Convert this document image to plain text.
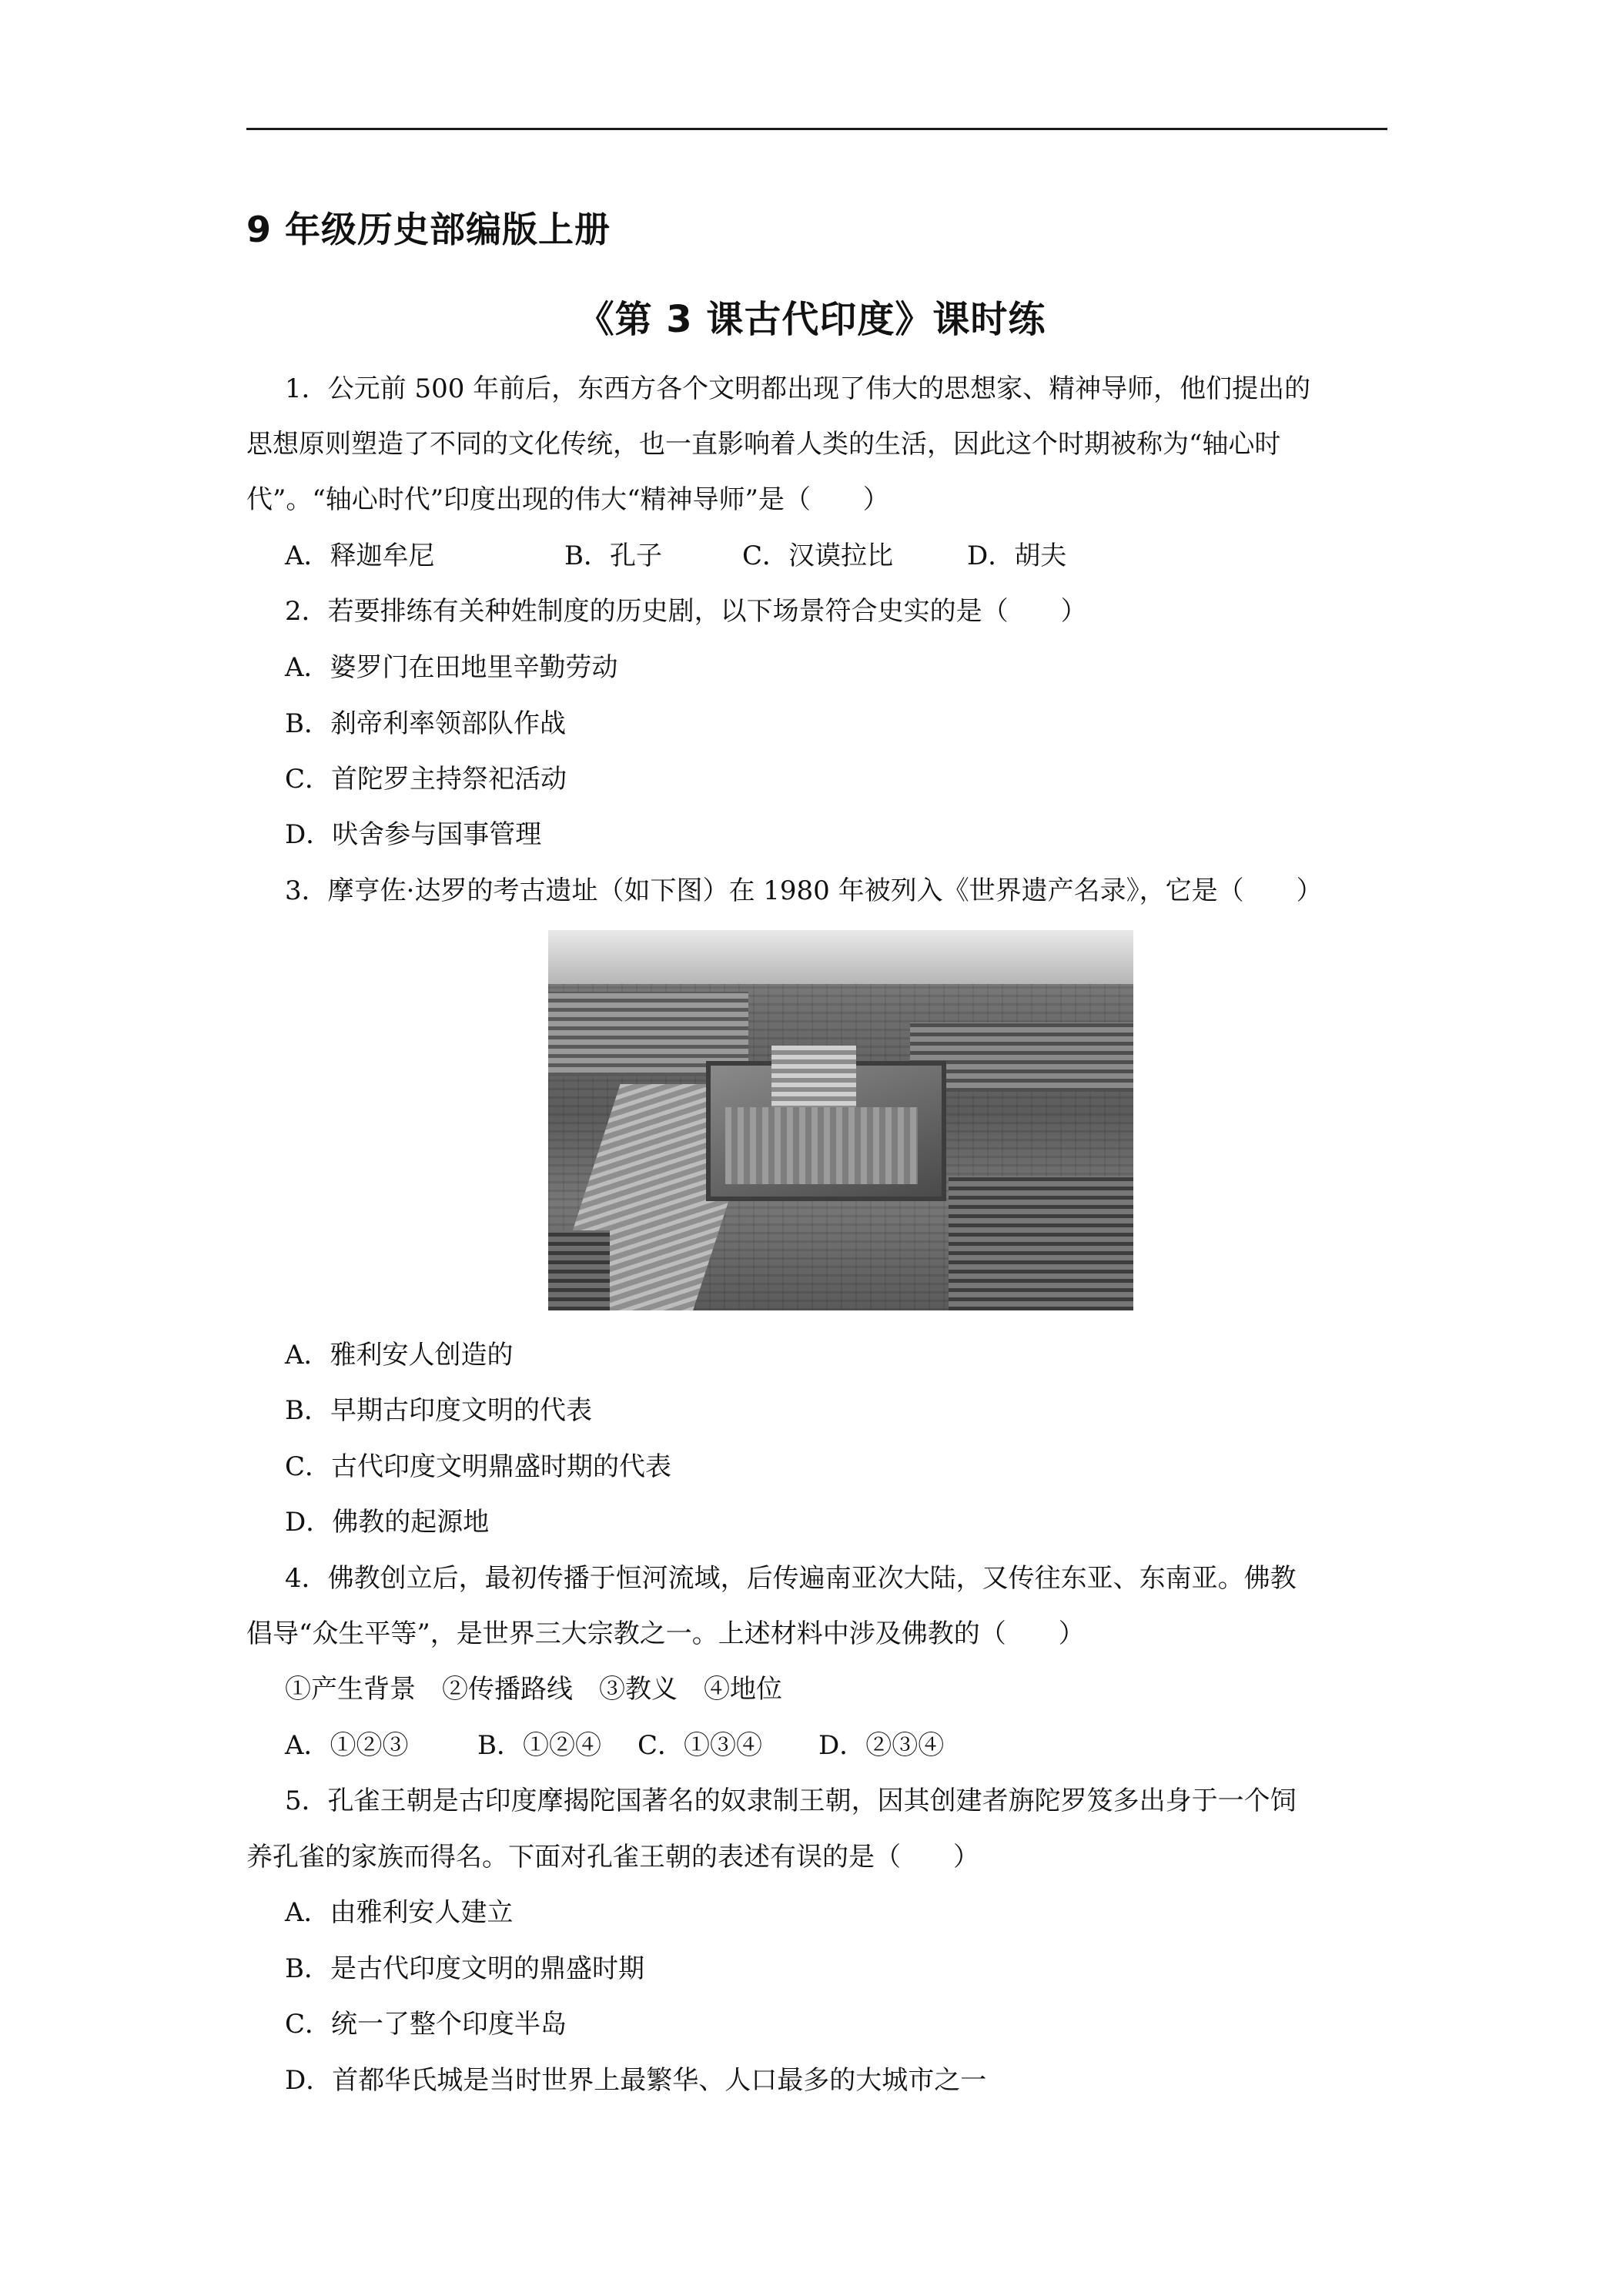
9 年级历史部编版上册
《第 3 课古代印度》课时练
1．公元前 500 年前后，东西方各个文明都出现了伟大的思想家、精神导师，他们提出的
思想原则塑造了不同的文化传统，也一直影响着人类的生活，因此这个时期被称为“轴心时
代”。“轴心时代”印度出现的伟大“精神导师”是（　　）
A．释迦牟尼	B．孔子	C．汉谟拉比	D．胡夫
2．若要排练有关种姓制度的历史剧，以下场景符合史实的是（　　）
A．婆罗门在田地里辛勤劳动
B．刹帝利率领部队作战
C．首陀罗主持祭祀活动
D．吠舍参与国事管理
3．摩亨佐·达罗的考古遗址（如下图）在 1980 年被列入《世界遗产名录》，它是（　　）
A．雅利安人创造的
B．早期古印度文明的代表
C．古代印度文明鼎盛时期的代表
D．佛教的起源地
4．佛教创立后，最初传播于恒河流域，后传遍南亚次大陆，又传往东亚、东南亚。佛教
倡导“众生平等”，是世界三大宗教之一。上述材料中涉及佛教的（　　）
①产生背景　②传播路线　③教义　④地位
A．①②③	B．①②④ C．①③④ D．②③④
5．孔雀王朝是古印度摩揭陀国著名的奴隶制王朝，因其创建者旃陀罗笈多出身于一个饲
养孔雀的家族而得名。下面对孔雀王朝的表述有误的是（　　）
A．由雅利安人建立
B．是古代印度文明的鼎盛时期
C．统一了整个印度半岛
D．首都华氏城是当时世界上最繁华、人口最多的大城市之一
